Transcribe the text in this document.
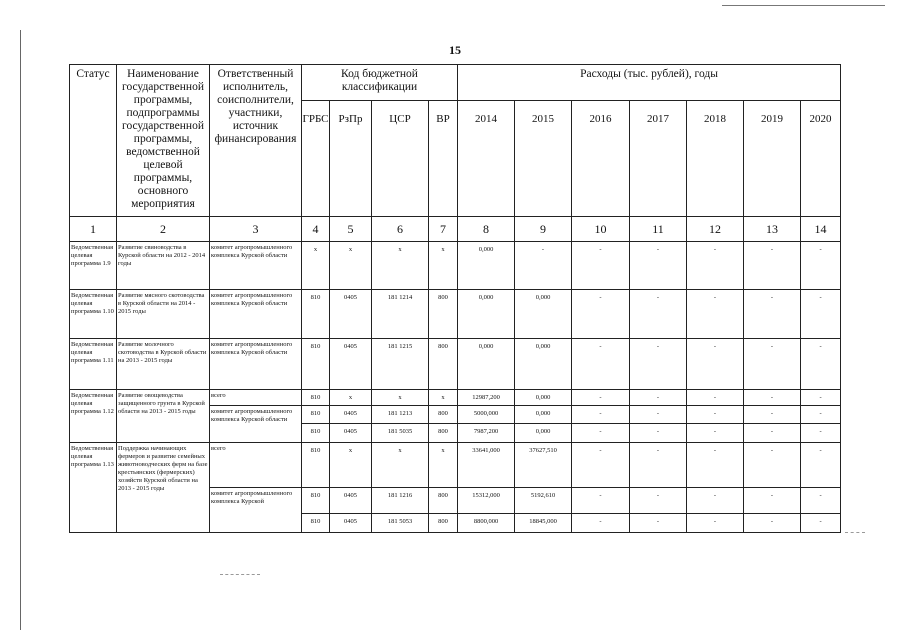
15
Статус	Наименование государственной программы, подпрограммы государственной программы, ведомственной целевой программы, основного мероприятия	Ответственный исполнитель, соисполнители, участники, источник финансирования	Код бюджетной классификации				Расходы (тыс. рублей), годы						
			ГРБС	РзПр	ЦСР	ВР	2014	2015	2016	2017	2018	2019	2020
1	2	3	4	5	6	7	8	9	10	11	12	13	14
Ведомственная целевая программа 1.9	Развитие свиноводства в Курской области на 2012 - 2014 годы	комитет агропромышленного комплекса Курской области	x	x	x	x	0,000	-	-	-	-	-	-
Ведомственная целевая программа 1.10	Развитие мясного скотоводства в Курской области на 2014 - 2015 годы	комитет агропромышленного комплекса Курской области	810	0405	181 1214	800	0,000	0,000	-	-	-	-	-
Ведомственная целевая программа 1.11	Развитие молочного скотоводства в Курской области на 2013 - 2015 годы	комитет агропромышленного комплекса Курской области	810	0405	181 1215	800	0,000	0,000	-	-	-	-	-
Ведомственная целевая программа 1.12	Развитие овощеводства защищенного грунта в Курской области на 2013 - 2015 годы	всего	810	x	x	x	12987,200	0,000	-	-	-	-	-
		комитет агропромышленного комплекса Курской области	810	0405	181 1213	800	5000,000	0,000	-	-	-	-	-
			810	0405	181 5035	800	7987,200	0,000	-	-	-	-	-
Ведомственная целевая программа 1.13	Поддержка начинающих фермеров и развитие семейных животноводческих ферм на базе крестьянских (фермерских) хозяйств Курской области на 2013 - 2015 годы	всего	810	x	x	x	33641,000	37627,510	-	-	-	-	-
		комитет агропромышленного комплекса Курской	810	0405	181 1216	800	15312,000	5192,610	-	-	-	-	-
			810	0405	181 5053	800	8800,000	18845,000	-	-	-	-	-
